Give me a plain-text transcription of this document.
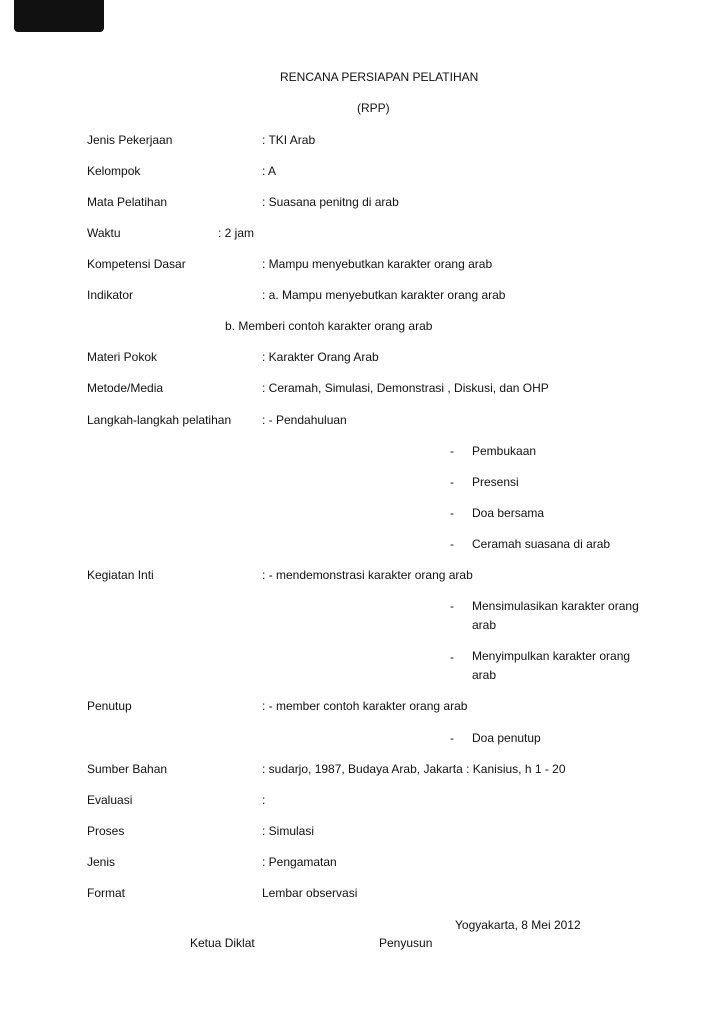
RENCANA PERSIAPAN PELATIHAN
(RPP)
Jenis Pekerjaan	: TKI Arab
Kelompok	: A
Mata Pelatihan	: Suasana penitng di arab
Waktu	: 2 jam
Kompetensi Dasar	: Mampu menyebutkan karakter orang arab
Indikator	: a. Mampu menyebutkan karakter orang arab
b. Memberi contoh karakter orang arab
Materi Pokok	: Karakter Orang Arab
Metode/Media	: Ceramah, Simulasi, Demonstrasi , Diskusi, dan OHP
Langkah-langkah pelatihan	: - Pendahuluan
- Pembukaan
- Presensi
- Doa bersama
- Ceramah suasana di arab
Kegiatan Inti	: - mendemonstrasi karakter orang arab
- Mensimulasikan karakter orang arab
- Menyimpulkan karakter orang arab
Penutup	: - member contoh karakter orang arab
- Doa penutup
Sumber Bahan	: sudarjo, 1987, Budaya Arab, Jakarta : Kanisius, h 1 - 20
Evaluasi	:
Proses	: Simulasi
Jenis	: Pengamatan
Format	Lembar observasi
Yogyakarta, 8 Mei 2012
Ketua Diklat	Penyusun
